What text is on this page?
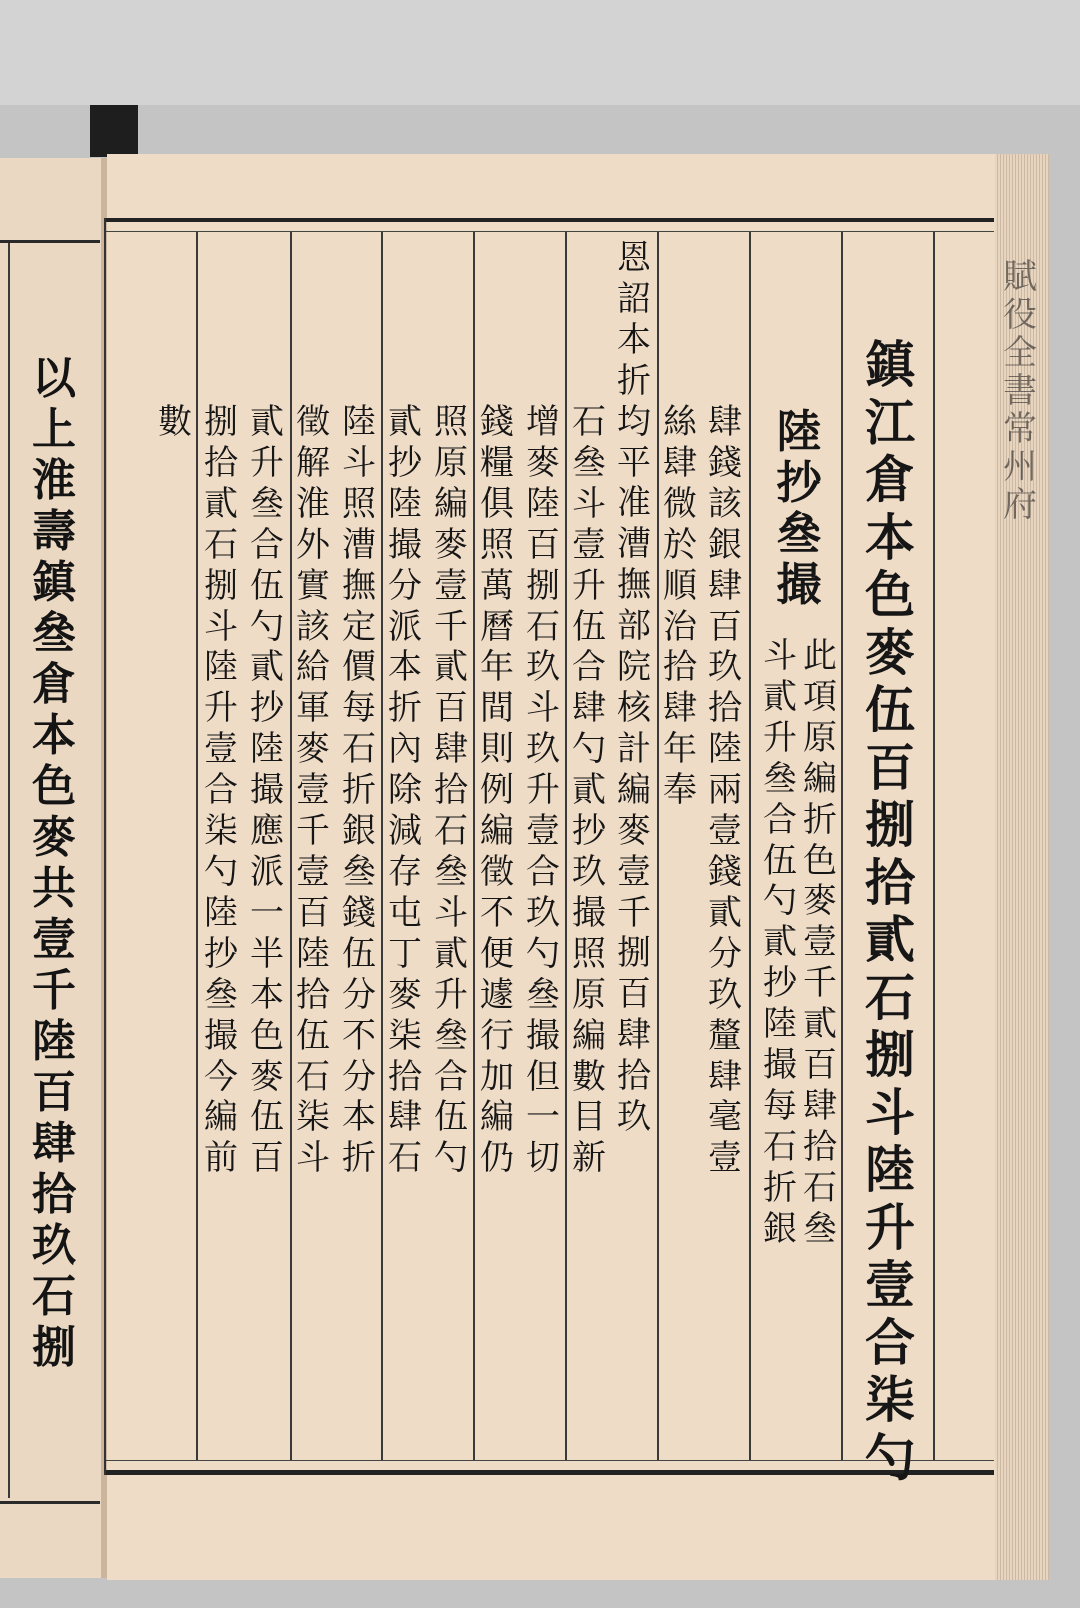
以上淮壽鎮叄倉本色麥共壹千陸百肆拾玖石捌
賦役全書 常州府
鎮江倉本色麥伍百捌拾貳石捌斗陸升壹合柒勺
陸抄叄撮
此項原編折色麥壹千貳百肆拾石叄
斗貳升叄合伍勺貳抄陸撮每石折銀
肆錢該銀肆百玖拾陸兩壹錢貳分玖釐肆毫壹
絲肆微於順治拾肆年奉
恩詔本折均平准漕撫部院核計編麥壹千捌百肆拾玖
石叄斗壹升伍合肆勺貳抄玖撮照原編數目新
增麥陸百捌石玖斗玖升壹合玖勺叄撮但一切
錢糧俱照萬曆年間則例編徵不便遽行加編仍
照原編麥壹千貳百肆拾石叄斗貳升叄合伍勺
貳抄陸撮分派本折內除減存屯丁麥柒拾肆石
陸斗照漕撫定價每石折銀叄錢伍分不分本折
徵解淮外實該給軍麥壹千壹百陸拾伍石柒斗
貳升叄合伍勺貳抄陸撮應派一半本色麥伍百
捌拾貳石捌斗陸升壹合柒勺陸抄叄撮今編前
數
